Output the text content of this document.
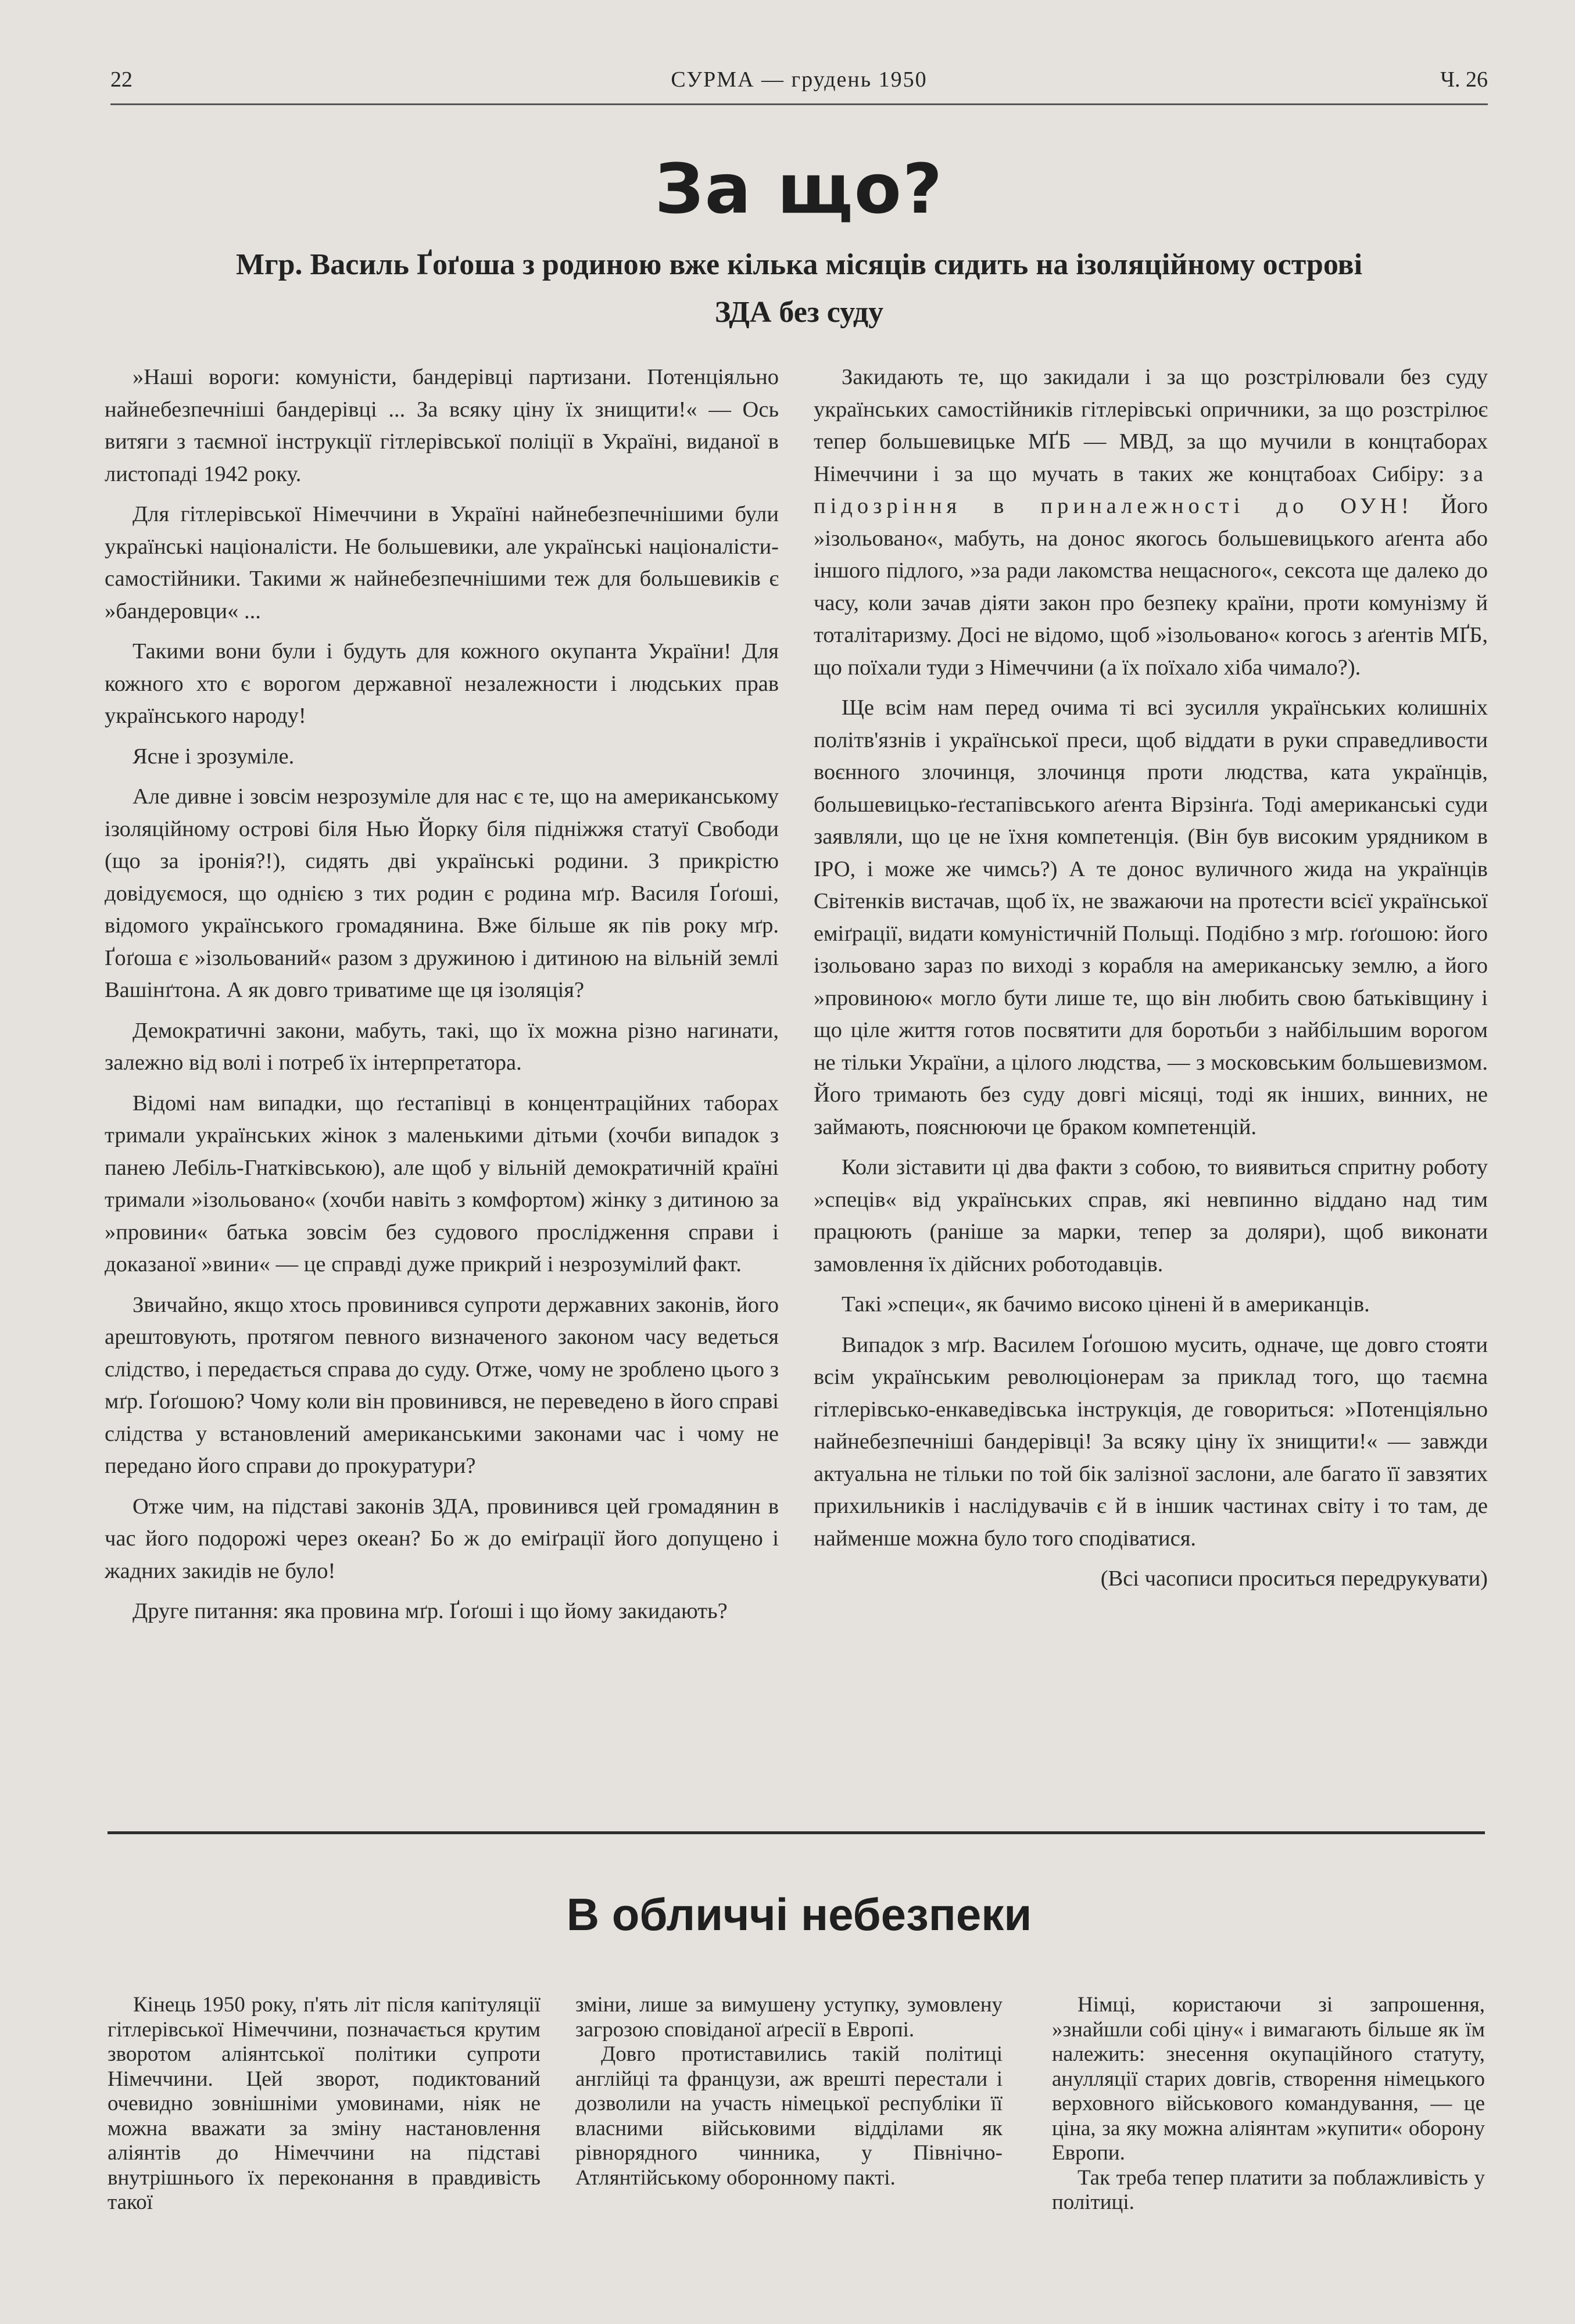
22	СУРМА — грудень 1950	Ч. 26
За що?
Мгр. Василь Ґоґоша з родиною вже кілька місяців сидить на ізоляційному острові
ЗДА без суду

»Наші вороги: комуністи, бандерівці партизани. Потенціяльно найнебезпечніші бандерівці ... За всяку ціну їх знищити!« — Ось витяги з таємної інструкції гітлерівської поліції в Україні, виданої в листопаді 1942 року.

Для гітлерівської Німеччини в Україні найнебезпечнішими були українські націоналісти. Не большевики, але українські націоналісти-самостійники. Такими ж найнебезпечнішими теж для большевиків є »бандеровци« ...

Такими вони були і будуть для кожного окупанта України! Для кожного хто є ворогом державної незалежности і людських прав українського народу!

Ясне і зрозуміле.

Але дивне і зовсім незрозуміле для нас є те, що на американському ізоляційному острові біля Нью Йорку біля підніжжя статуї Свободи (що за іронія?!), сидять дві українські родини. З прикрістю довідуємося, що однією з тих родин є родина мґр. Василя Ґоґоші, відомого українського громадянина. Вже більше як пів року мґр. Ґоґоша є »ізольований« разом з дружиною і дитиною на вільній землі Вашінґтона. А як довго триватиме ще ця ізоляція?

Демократичні закони, мабуть, такі, що їх можна різно нагинати, залежно від волі і потреб їх інтерпретатора.

Відомі нам випадки, що ґестапівці в концентраційних таборах тримали українських жінок з маленькими дітьми (хочби випадок з панею Лебіль-Гнатківською), але щоб у вільній демократичній країні тримали »ізольовано« (хочби навіть з комфортом) жінку з дитиною за »провини« батька зовсім без судового прослідження справи і доказаної »вини« — це справді дуже прикрий і незрозумілий факт.

Звичайно, якщо хтось провинився супроти державних законів, його арештовують, протягом певного визначеного законом часу ведеться слідство, і передається справа до суду. Отже, чому не зроблено цього з мґр. Ґоґошою? Чому коли він провинився, не переведено в його справі слідства у встановлений американськими законами час і чому не передано його справи до прокуратури?

Отже чим, на підставі законів ЗДА, провинився цей громадянин в час його подорожі через океан? Бо ж до еміґрації його допущено і жадних закидів не було!

Друге питання: яка провина мґр. Ґоґоші і що йому закидають?

Закидають те, що закидали і за що розстрілювали без суду українських самостійників гітлерівські опричники, за що розстрілює тепер большевицьке МҐБ — МВД, за що мучили в концтаборах Німеччини і за що мучать в таких же концтабоах Сибіру: за підозріння в приналежності до ОУН! Його »ізольовано«, мабуть, на донос якогось большевицького аґента або іншого підлого, »за ради лакомства нещасного«, сексота ще далеко до часу, коли зачав діяти закон про безпеку країни, проти комунізму й тоталітаризму. Досі не відомо, щоб »ізольовано« когось з аґентів МҐБ, що поїхали туди з Німеччини (а їх поїхало хіба чимало?).

Ще всім нам перед очима ті всі зусилля українських колишніх політв'язнів і української преси, щоб віддати в руки справедливости воєнного злочинця, злочинця проти людства, ката українців, большевицько-ґестапівського аґента Вірзінґа. Тоді американські суди заявляли, що це не їхня компетенція. (Він був високим урядником в ІРО, і може же чимсь?) А те донос вуличного жида на українців Світенків вистачав, щоб їх, не зважаючи на протести всієї української еміґрації, видати комуністичній Польщі. Подібно з мґр. ґоґошою: його ізольовано зараз по виході з корабля на американську землю, а його »провиною« могло бути лише те, що він любить свою батьківщину і що ціле життя готов посвятити для боротьби з найбільшим ворогом не тільки України, а цілого людства, — з московським большевизмом. Його тримають без суду довгі місяці, тоді як інших, винних, не займають, пояснюючи це браком компетенцій.

Коли зіставити ці два факти з собою, то виявиться спритну роботу »спеців« від українських справ, які невпинно віддано над тим працюють (раніше за марки, тепер за доляри), щоб виконати замовлення їх дійсних роботодавців.

Такі »специ«, як бачимо високо цінені й в американців.

Випадок з мґр. Василем Ґоґошою мусить, одначе, ще довго стояти всім українським революціонерам за приклад того, що таємна гітлерівсько-енкаведівська інструкція, де говориться: »Потенціяльно найнебезпечніші бандерівці! За всяку ціну їх знищити!« — завжди актуальна не тільки по той бік залізної заслони, але багато її завзятих прихильників і наслідувачів є й в іншик частинах світу і то там, де найменше можна було того сподіватися.

(Всі часописи проситься передрукувати)

В обличчі небезпеки

Кінець 1950 року, п'ять літ після капітуляції гітлерівської Німеччини, позначається крутим зворотом аліянтської політики супроти Німеччини. Цей зворот, подиктований очевидно зовнішніми умовинами, ніяк не можна вважати за зміну настановлення аліянтів до Німеччини на підставі внутрішнього їх переконання в правдивість такої

зміни, лише за вимушену уступку, зумовлену загрозою сповіданої аґресії в Европі.

Довго протиставились такій політиці англійці та французи, аж врешті перестали і дозволили на участь німецької республіки її власними військовими відділами як рівнорядного чинника, у Північно-Атлянтійському оборонному пакті.

Німці, користаючи зі запрошення, »знайшли собі ціну« і вимагають більше як їм належить: знесення окупаційного статуту, анулляції старих довгів, створення німецького верховного військового командування, — це ціна, за яку можна аліянтам »купити« оборону Европи.

Так треба тепер платити за поблажливість у політиці.
